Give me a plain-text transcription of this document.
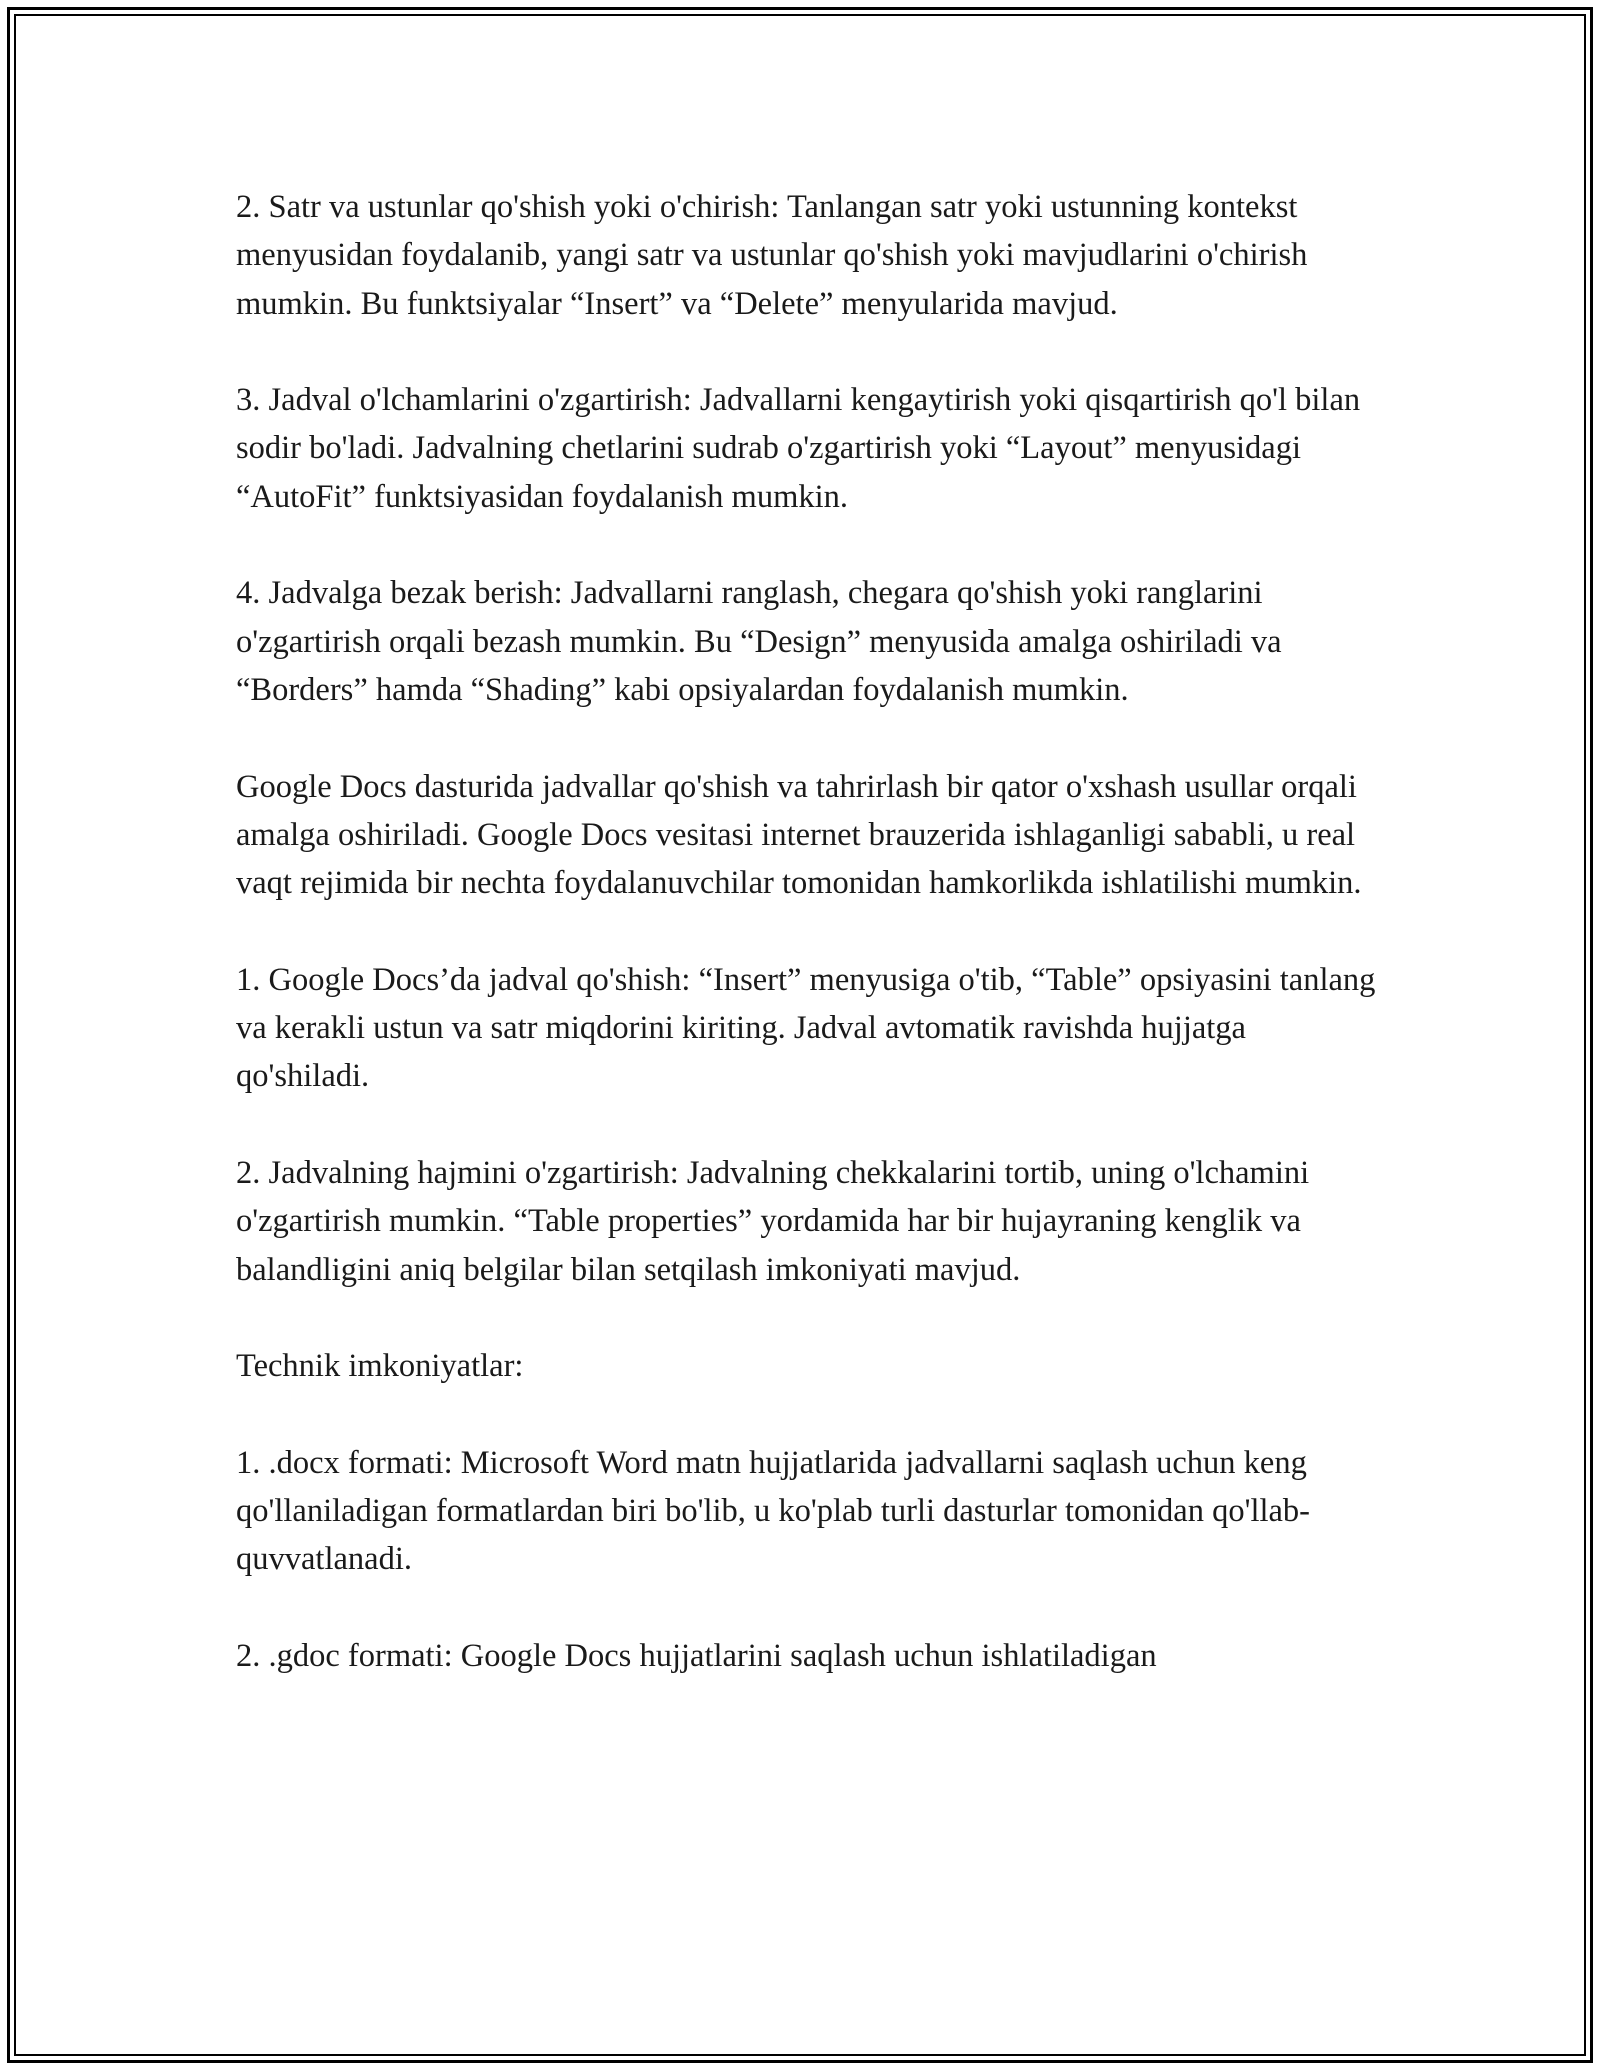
2. Satr va ustunlar qo'shish yoki o'chirish: Tanlangan satr yoki ustunning kontekst menyusidan foydalanib, yangi satr va ustunlar qo'shish yoki mavjudlarini o'chirish mumkin. Bu funktsiyalar “Insert” va “Delete” menyularida mavjud.

3. Jadval o'lchamlarini o'zgartirish: Jadvallarni kengaytirish yoki qisqartirish qo'l bilan sodir bo'ladi. Jadvalning chetlarini sudrab o'zgartirish yoki “Layout” menyusidagi “AutoFit” funktsiyasidan foydalanish mumkin.

4. Jadvalga bezak berish: Jadvallarni ranglash, chegara qo'shish yoki ranglarini o'zgartirish orqali bezash mumkin. Bu “Design” menyusida amalga oshiriladi va “Borders” hamda “Shading” kabi opsiyalardan foydalanish mumkin.

Google Docs dasturida jadvallar qo'shish va tahrirlash bir qator o'xshash usullar orqali amalga oshiriladi. Google Docs vesitasi internet brauzerida ishlaganligi sababli, u real vaqt rejimida bir nechta foydalanuvchilar tomonidan hamkorlikda ishlatilishi mumkin.

1. Google Docs’da jadval qo'shish: “Insert” menyusiga o'tib, “Table” opsiyasini tanlang va kerakli ustun va satr miqdorini kiriting. Jadval avtomatik ravishda hujjatga qo'shiladi.

2. Jadvalning hajmini o'zgartirish: Jadvalning chekkalarini tortib, uning o'lchamini o'zgartirish mumkin. “Table properties” yordamida har bir hujayraning kenglik va balandligini aniq belgilar bilan setqilash imkoniyati mavjud.

Technik imkoniyatlar:

1. .docx formati: Microsoft Word matn hujjatlarida jadvallarni saqlash uchun keng qo'llaniladigan formatlardan biri bo'lib, u ko'plab turli dasturlar tomonidan qo'llab-quvvatlanadi.

2. .gdoc formati: Google Docs hujjatlarini saqlash uchun ishlatiladigan
